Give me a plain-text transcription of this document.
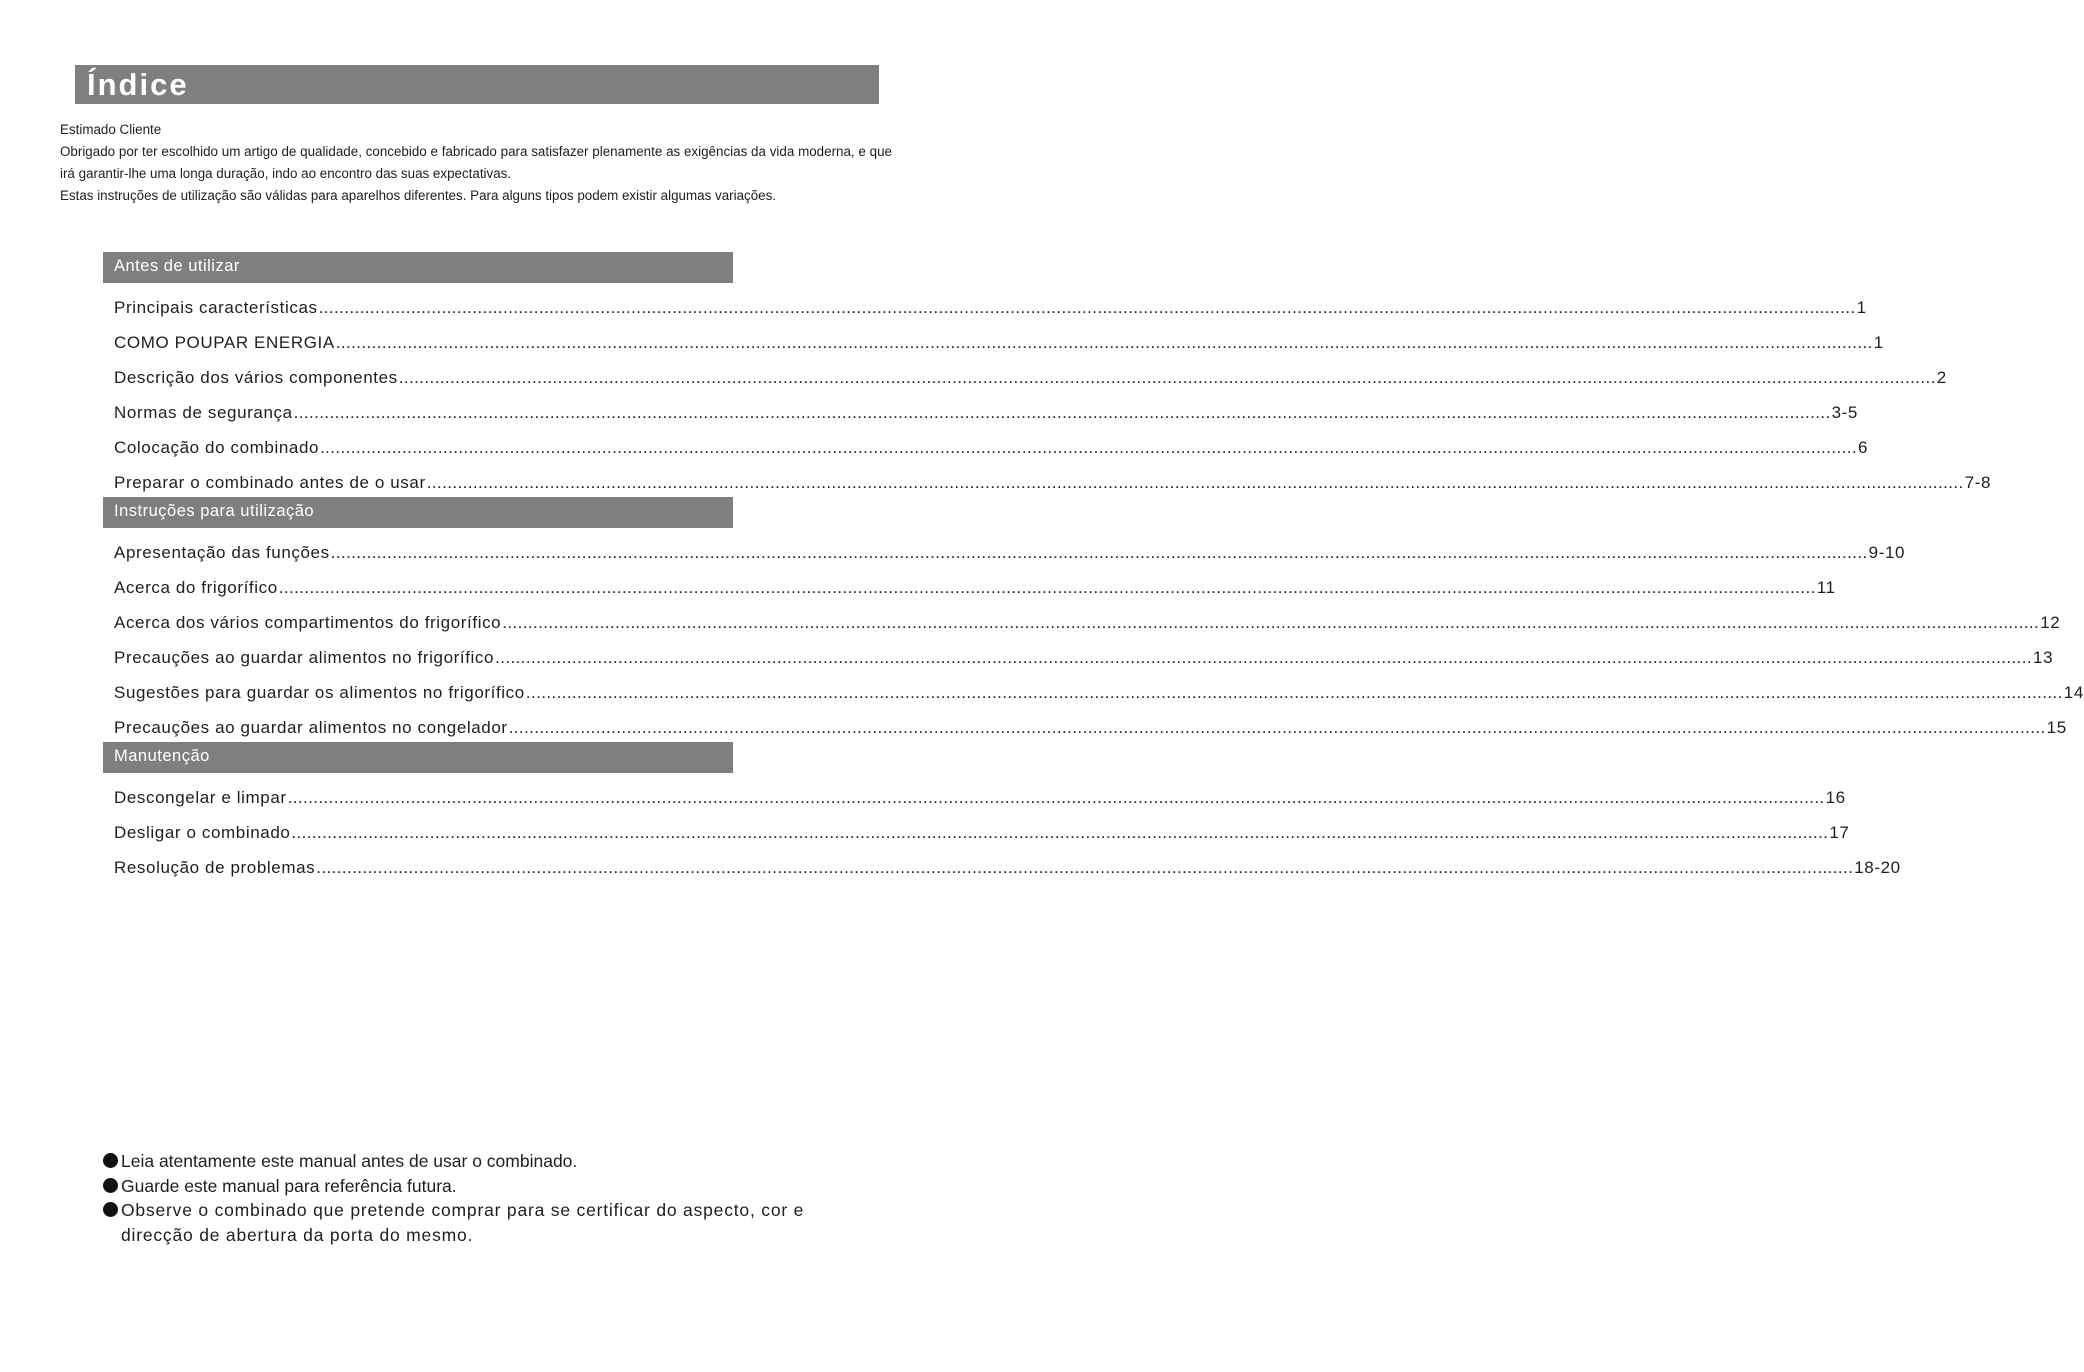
Índice

Estimado Cliente

Obrigado por ter escolhido um artigo de qualidade, concebido e fabricado para satisfazer plenamente as exigências da vida moderna, e que irá garantir-lhe uma longa duração, indo ao encontro das suas expectativas.

Estas instruções de utilização são válidas para aparelhos diferentes. Para alguns tipos podem existir algumas variações.

Antes de utilizar
Principais características ............................................................................................................................................................................................................................................................................................................ 1
COMO POUPAR ENERGIA ............................................................................................................................................................................................................................................................................................................ 1
Descrição dos vários componentes ............................................................................................................................................................................................................................................................................................................ 2
Normas de segurança ............................................................................................................................................................................................................................................................................................................ 3-5
Colocação do combinado ............................................................................................................................................................................................................................................................................................................ 6
Preparar o combinado antes de o usar ............................................................................................................................................................................................................................................................................................................ 7-8
Instruções para utilização
Apresentação das funções ............................................................................................................................................................................................................................................................................................................ 9-10
Acerca do frigorífico ............................................................................................................................................................................................................................................................................................................ 11
Acerca dos vários compartimentos do frigorífico ............................................................................................................................................................................................................................................................................................................ 12
Precauções ao guardar alimentos no frigorífico ............................................................................................................................................................................................................................................................................................................ 13
Sugestões para guardar os alimentos no frigorífico ............................................................................................................................................................................................................................................................................................................ 14
Precauções ao guardar alimentos no congelador ............................................................................................................................................................................................................................................................................................................ 15
Manutenção
Descongelar e limpar ............................................................................................................................................................................................................................................................................................................ 16
Desligar o combinado ............................................................................................................................................................................................................................................................................................................ 17
Resolução de problemas ............................................................................................................................................................................................................................................................................................................ 18-20
Leia atentamente este manual antes de usar o combinado.
Guarde este manual para referência futura.
Observe o combinado que pretende comprar para se certificar do aspecto, cor e direcção de abertura da porta do mesmo.
